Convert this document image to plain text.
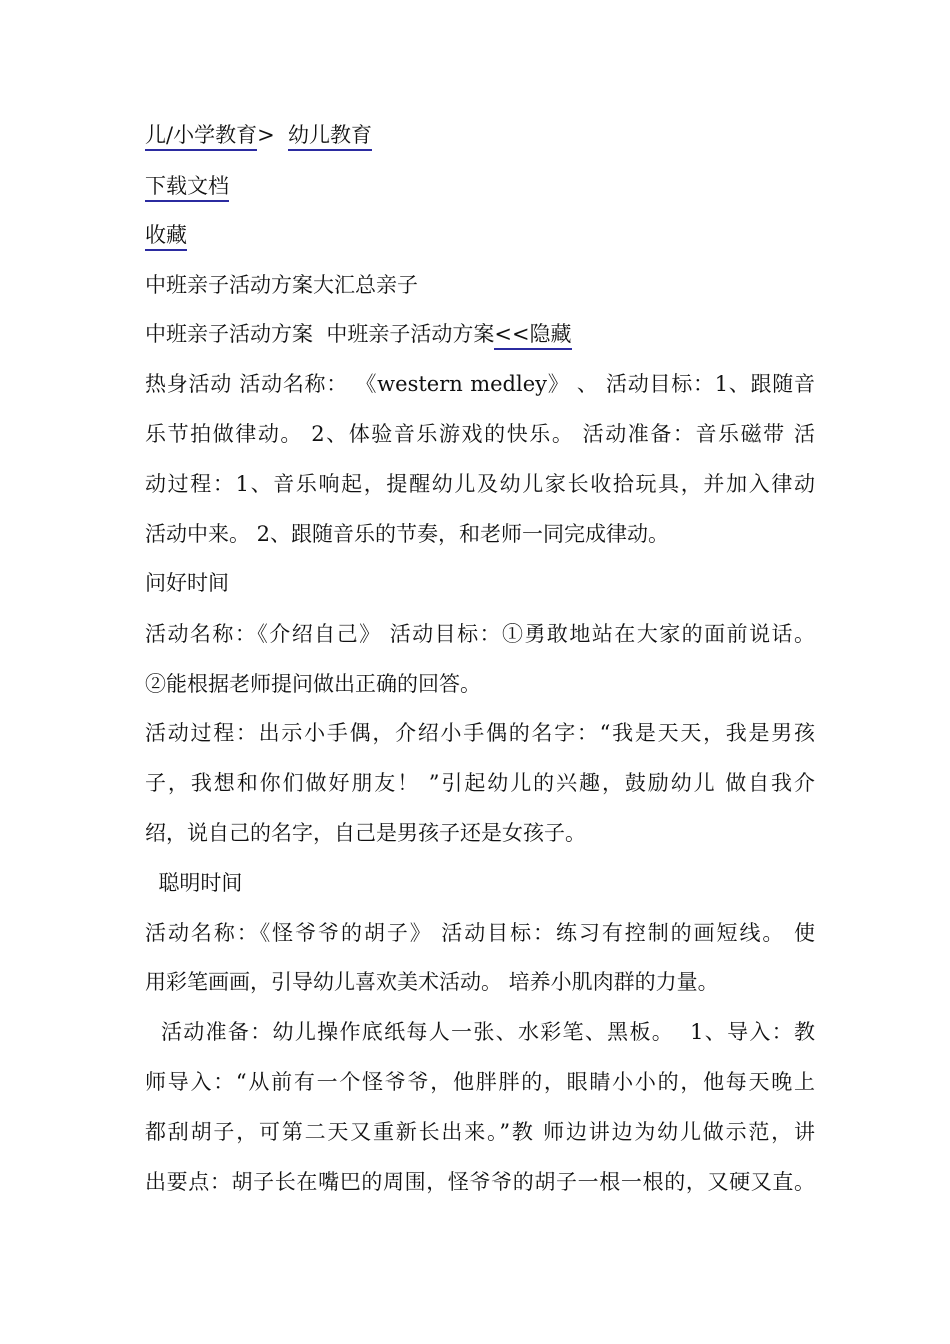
儿/小学教育> 幼儿教育
下载文档
收藏
中班亲子活动方案大汇总亲子
中班亲子活动方案  中班亲子活动方案<<隐藏
热身活动 活动名称： 《western medley》 、 活动目标：1、跟随音
乐节拍做律动。 2、体验音乐游戏的快乐。 活动准备：音乐磁带 活
动过程：1、音乐响起，提醒幼儿及幼儿家长收拾玩具，并加入律动
活动中来。 2、跟随音乐的节奏，和老师一同完成律动。
问好时间
活动名称：《介绍自己》 活动目标：①勇敢地站在大家的面前说话。
②能根据老师提问做出正确的回答。
活动过程：出示小手偶，介绍小手偶的名字：“我是天天，我是男孩
子，我想和你们做好朋友！ ”引起幼儿的兴趣，鼓励幼儿 做自我介
绍，说自己的名字，自己是男孩子还是女孩子。
聪明时间
活动名称：《怪爷爷的胡子》 活动目标：练习有控制的画短线。 使
用彩笔画画，引导幼儿喜欢美术活动。 培养小肌肉群的力量。
活动准备：幼儿操作底纸每人一张、水彩笔、黑板。  1、导入：教
师导入：“从前有一个怪爷爷，他胖胖的，眼睛小小的，他每天晚上
都刮胡子，可第二天又重新长出来。”教 师边讲边为幼儿做示范，讲
出要点：胡子长在嘴巴的周围，怪爷爷的胡子一根一根的，又硬又直。
